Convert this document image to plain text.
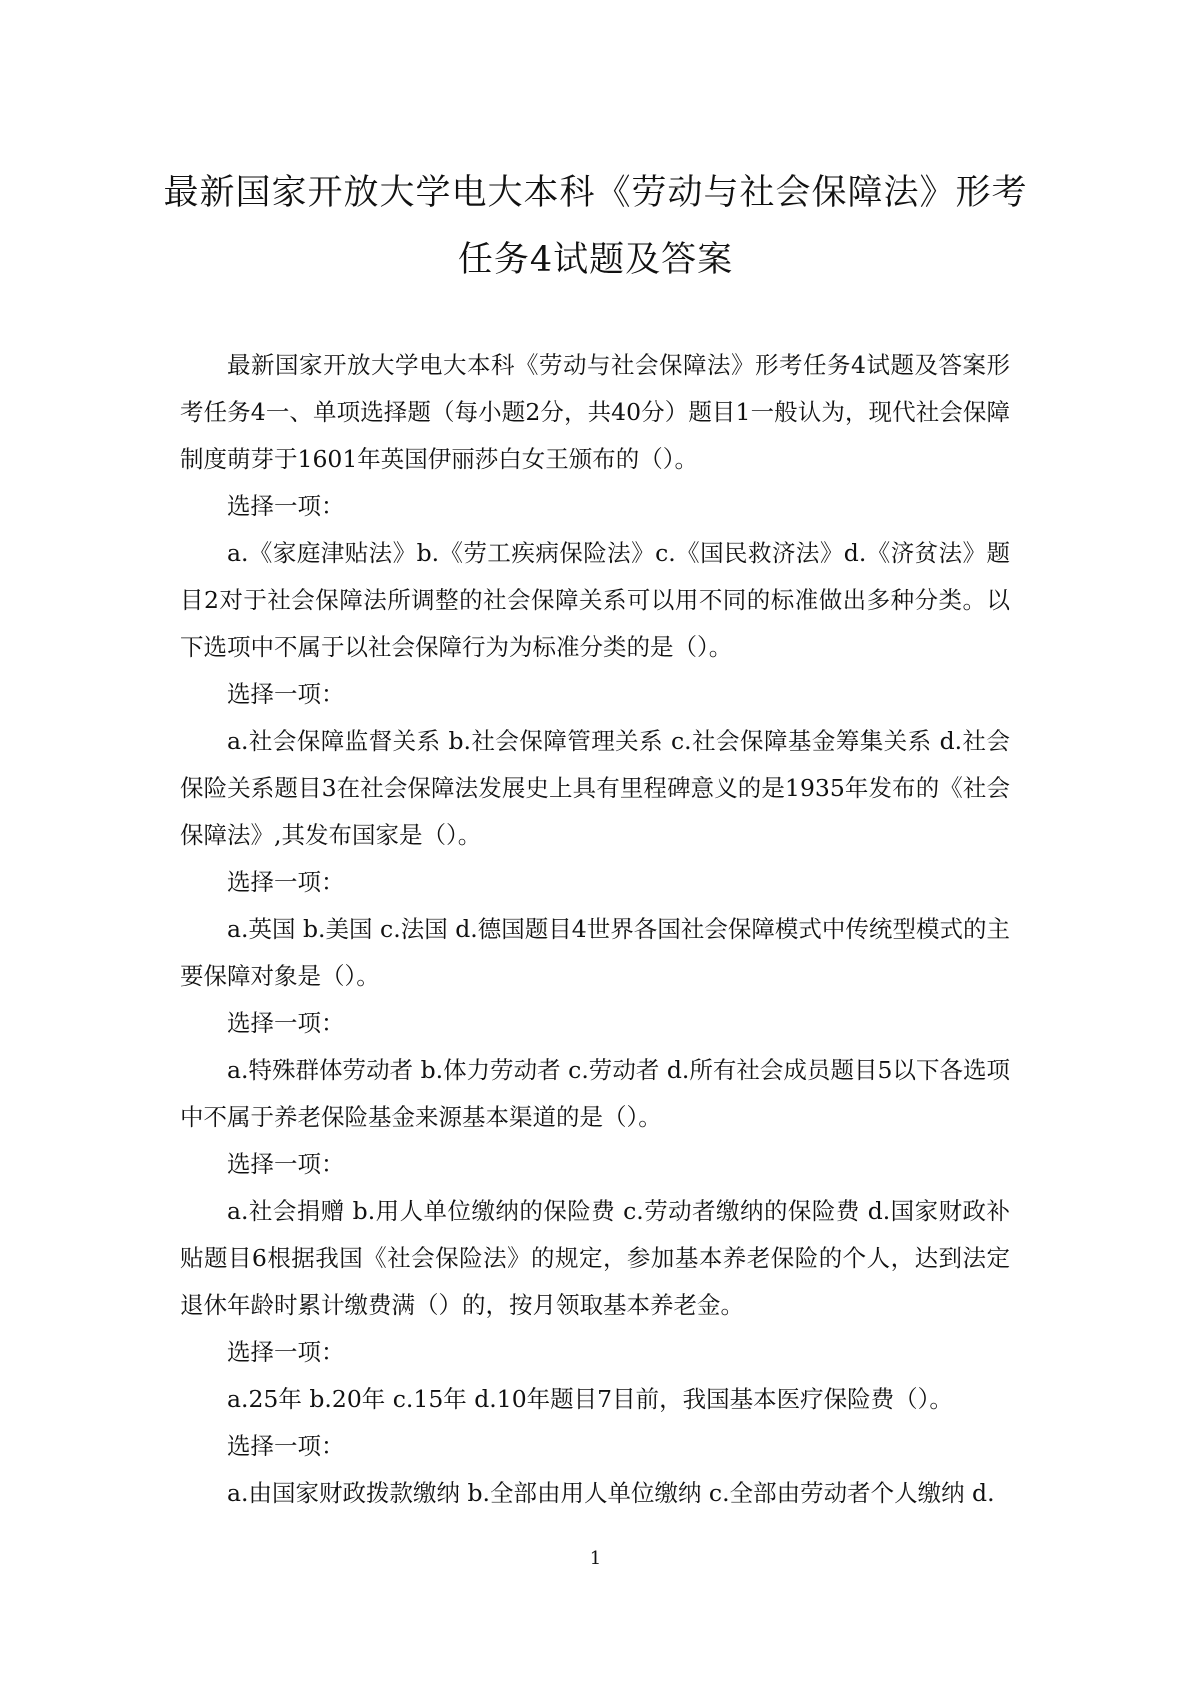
最新国家开放大学电大本科《劳动与社会保障法》形考任务4试题及答案

最新国家开放大学电大本科《劳动与社会保障法》形考任务4试题及答案形考任务4一、单项选择题（每小题2分，共40分）题目1一般认为，现代社会保障制度萌芽于1601年英国伊丽莎白女王颁布的（）。

选择一项：

a.《家庭津贴法》b.《劳工疾病保险法》c.《国民救济法》d.《济贫法》题目2对于社会保障法所调整的社会保障关系可以用不同的标准做出多种分类。以下选项中不属于以社会保障行为为标准分类的是（）。

选择一项：

a.社会保障监督关系 b.社会保障管理关系 c.社会保障基金筹集关系 d.社会保险关系题目3在社会保障法发展史上具有里程碑意义的是1935年发布的《社会保障法》,其发布国家是（）。

选择一项：

a.英国 b.美国 c.法国 d.德国题目4世界各国社会保障模式中传统型模式的主要保障对象是（）。

选择一项：

a.特殊群体劳动者 b.体力劳动者 c.劳动者 d.所有社会成员题目5以下各选项中不属于养老保险基金来源基本渠道的是（）。

选择一项：

a.社会捐赠 b.用人单位缴纳的保险费 c.劳动者缴纳的保险费 d.国家财政补贴题目6根据我国《社会保险法》的规定，参加基本养老保险的个人，达到法定退休年龄时累计缴费满（）的，按月领取基本养老金。

选择一项：

a.25年 b.20年 c.15年 d.10年题目7目前，我国基本医疗保险费（）。

选择一项：

a.由国家财政拨款缴纳 b.全部由用人单位缴纳 c.全部由劳动者个人缴纳 d.

1
